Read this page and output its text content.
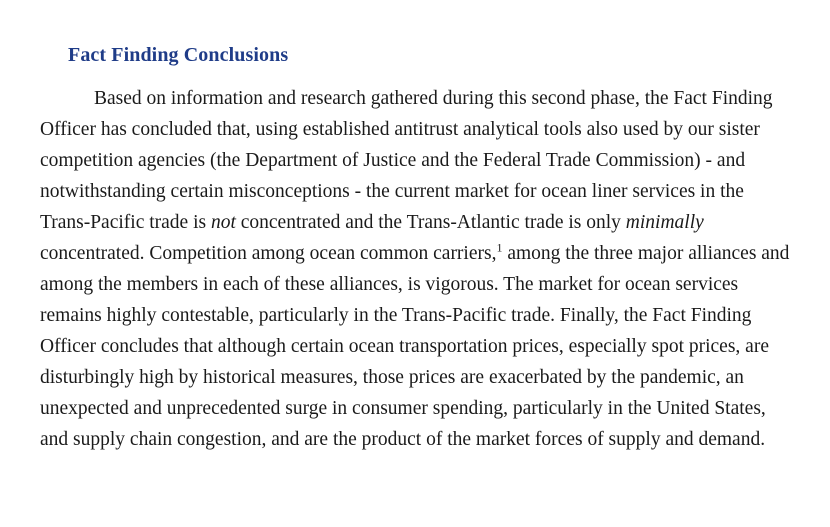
Fact Finding Conclusions

Based on information and research gathered during this second phase, the Fact Finding Officer has concluded that, using established antitrust analytical tools also used by our sister competition agencies (the Department of Justice and the Federal Trade Commission) - and notwithstanding certain misconceptions - the current market for ocean liner services in the Trans-Pacific trade is not concentrated and the Trans-Atlantic trade is only minimally concentrated. Competition among ocean common carriers,$^1$ among the three major alliances and among the members in each of these alliances, is vigorous. The market for ocean services remains highly contestable, particularly in the Trans-Pacific trade. Finally, the Fact Finding Officer concludes that although certain ocean transportation prices, especially spot prices, are disturbingly high by historical measures, those prices are exacerbated by the pandemic, an unexpected and unprecedented surge in consumer spending, particularly in the United States, and supply chain congestion, and are the product of the market forces of supply and demand.
